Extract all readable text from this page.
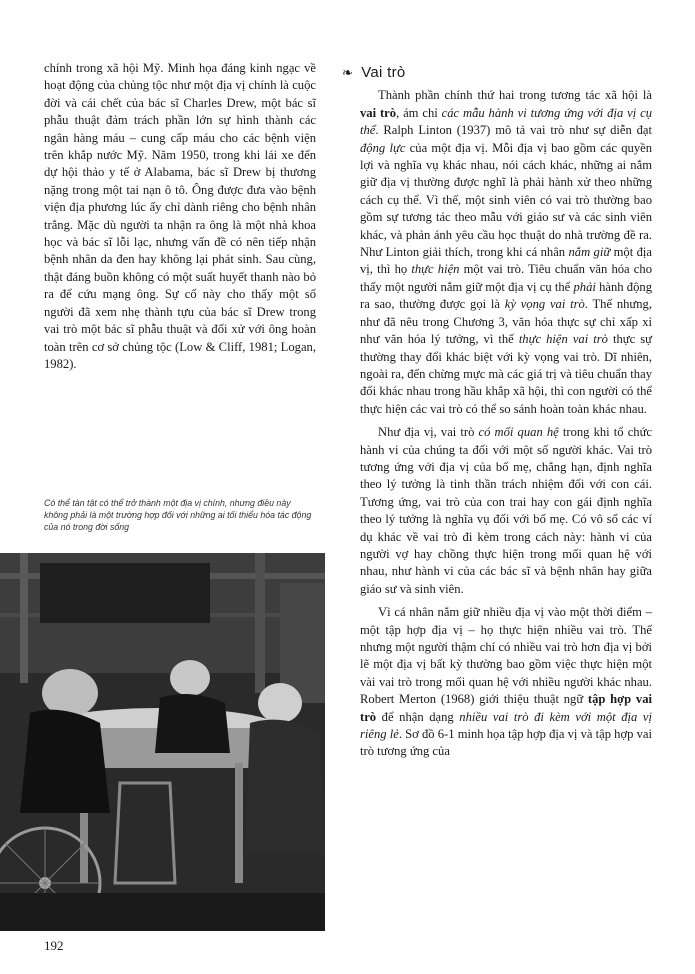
chính trong xã hội Mỹ. Minh họa đáng kinh ngạc về hoạt động của chủng tộc như một địa vị chính là cuộc đời và cái chết của bác sĩ Charles Drew, một bác sĩ phẫu thuật đảm trách phần lớn sự hình thành các ngân hàng máu – cung cấp máu cho các bệnh viện trên khắp nước Mỹ. Năm 1950, trong khi lái xe đến dự hội thảo y tế ở Alabama, bác sĩ Drew bị thương nặng trong một tai nạn ô tô. Ông được đưa vào bệnh viện địa phương lúc ấy chỉ dành riêng cho bệnh nhân trắng. Mặc dù người ta nhận ra ông là một nhà khoa học và bác sĩ lỗi lạc, nhưng vấn đề có nên tiếp nhận bệnh nhân da đen hay không lại phát sinh. Sau cùng, thật đáng buồn không có một suất huyết thanh nào bỏ ra để cứu mạng ông. Sự cố này cho thấy một số người đã xem nhẹ thành tựu của bác sĩ Drew trong vai trò một bác sĩ phẫu thuật và đối xử với ông hoàn toàn trên cơ sở chủng tộc (Low & Cliff, 1981; Logan, 1982).

Có thể tàn tật có thể trở thành một địa vị chính, nhưng điều này không phải là một trường hợp đối với những ai tối thiểu hóa tác động của nó trong đời sống
❧ Vai trò

Thành phần chính thứ hai trong tương tác xã hội là vai trò, ám chỉ các mẫu hành vi tương ứng với địa vị cụ thể. Ralph Linton (1937) mô tả vai trò như sự diễn đạt động lực của một địa vị. Mỗi địa vị bao gồm các quyền lợi và nghĩa vụ khác nhau, nói cách khác, những ai nắm giữ địa vị thường được nghĩ là phải hành xử theo những cách cụ thể. Vì thế, một sinh viên có vai trò thường bao gồm sự tương tác theo mẫu với giáo sư và các sinh viên khác, và phản ánh yêu cầu học thuật do nhà trường đề ra. Như Linton giải thích, trong khi cá nhân nắm giữ một địa vị, thì họ thực hiện một vai trò. Tiêu chuẩn văn hóa cho thấy một người nắm giữ một địa vị cụ thể phải hành động ra sao, thường được gọi là kỳ vọng vai trò. Thế nhưng, như đã nêu trong Chương 3, văn hóa thực sự chỉ xấp xỉ như văn hóa lý tưởng, vì thế thực hiện vai trò thực sự thường thay đổi khác biệt với kỳ vọng vai trò. Dĩ nhiên, ngoài ra, đến chừng mực mà các giá trị và tiêu chuẩn thay đổi khác nhau trong hầu khắp xã hội, thì con người có thể thực hiện các vai trò có thể so sánh hoàn toàn khác nhau.

Như địa vị, vai trò có mối quan hệ trong khi tổ chức hành vi của chúng ta đối với một số người khác. Vai trò tương ứng với địa vị của bố mẹ, chẳng hạn, định nghĩa theo lý tưởng là tinh thần trách nhiệm đối với con cái. Tương ứng, vai trò của con trai hay con gái định nghĩa theo lý tưởng là nghĩa vụ đối với bố mẹ. Có vô số các ví dụ khác về vai trò đi kèm trong cách này: hành vi của người vợ hay chồng thực hiện trong mối quan hệ với nhau, như hành vi của các bác sĩ và bệnh nhân hay giữa giáo sư và sinh viên.

Vì cá nhân nắm giữ nhiều địa vị vào một thời điểm – một tập hợp địa vị – họ thực hiện nhiều vai trò. Thế nhưng một người thậm chí có nhiều vai trò hơn địa vị bởi lẽ một địa vị bất kỳ thường bao gồm việc thực hiện một vài vai trò trong mối quan hệ với nhiều người khác nhau. Robert Merton (1968) giới thiệu thuật ngữ tập hợp vai trò để nhận dạng nhiều vai trò đi kèm với một địa vị riêng lẻ. Sơ đồ 6-1 minh họa tập hợp địa vị và tập hợp vai trò tương ứng của

192
